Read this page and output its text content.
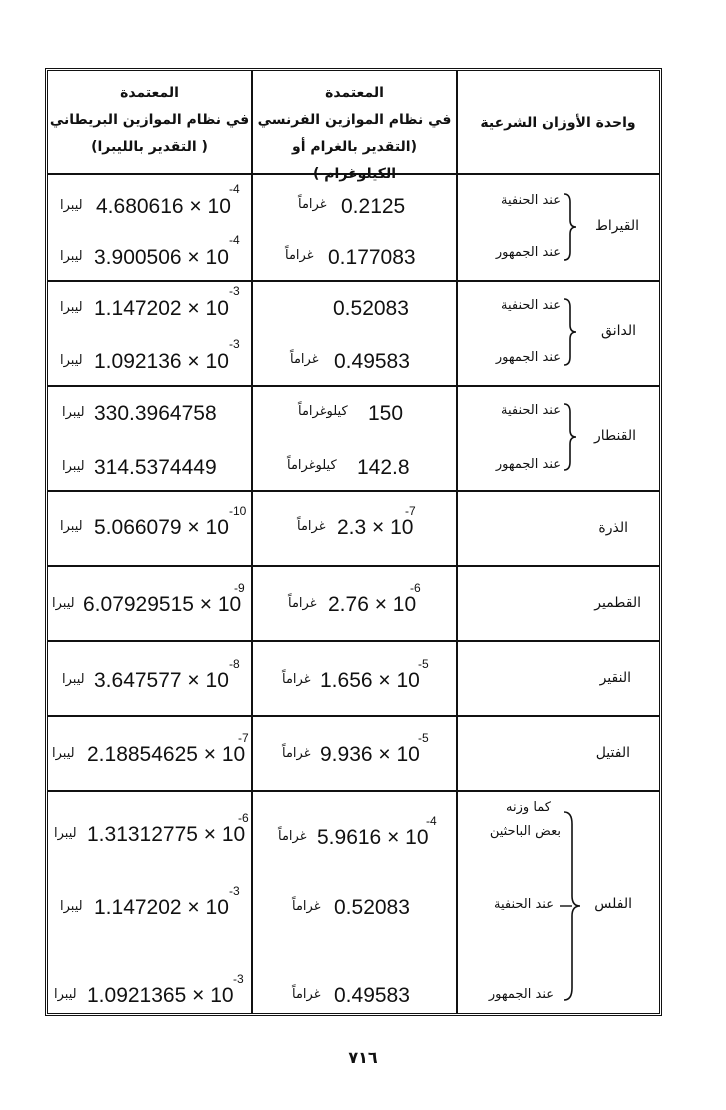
واحدة الأوزان الشرعية
المعتمدة
في نظام الموازين الفرنسي
(التقدير بالغرام أو الكيلوغرام )
المعتمدة
في نظام الموازين البريطاني
( التقدير بالليبرا)
القيراط
عند الحنفية
عند الجمهور
0.2125
غراماً
0.177083
غراماً
4.680616 × 10
-4
ليبرا
3.900506 × 10
-4
ليبرا
الدانق
عند الحنفية
عند الجمهور
0.52083
0.49583
غراماً
1.147202 × 10
-3
ليبرا
1.092136 × 10
-3
ليبرا
القنطار
عند الحنفية
عند الجمهور
150
كيلوغراماً
142.8
كيلوغراماً
330.3964758
ليبرا
314.5374449
ليبرا
الذرة
2.3 × 10
-7
غراماً
5.066079 × 10
-10
ليبرا
القطمير
2.76 × 10
-6
غراماً
6.07929515 × 10
-9
ليبرا
النقير
1.656 × 10
-5
غراماً
3.647577 × 10
-8
ليبرا
الفتيل
9.936 × 10
-5
غراماً
2.18854625 × 10
-7
ليبرا
الفلس
كما وزنه
بعض الباحثين
عند الحنفية
عند الجمهور
5.9616 × 10
-4
غراماً
0.52083
غراماً
0.49583
غراماً
1.31312775 × 10
-6
ليبرا
1.147202 × 10
-3
ليبرا
1.0921365 × 10
-3
ليبرا
٧١٦
